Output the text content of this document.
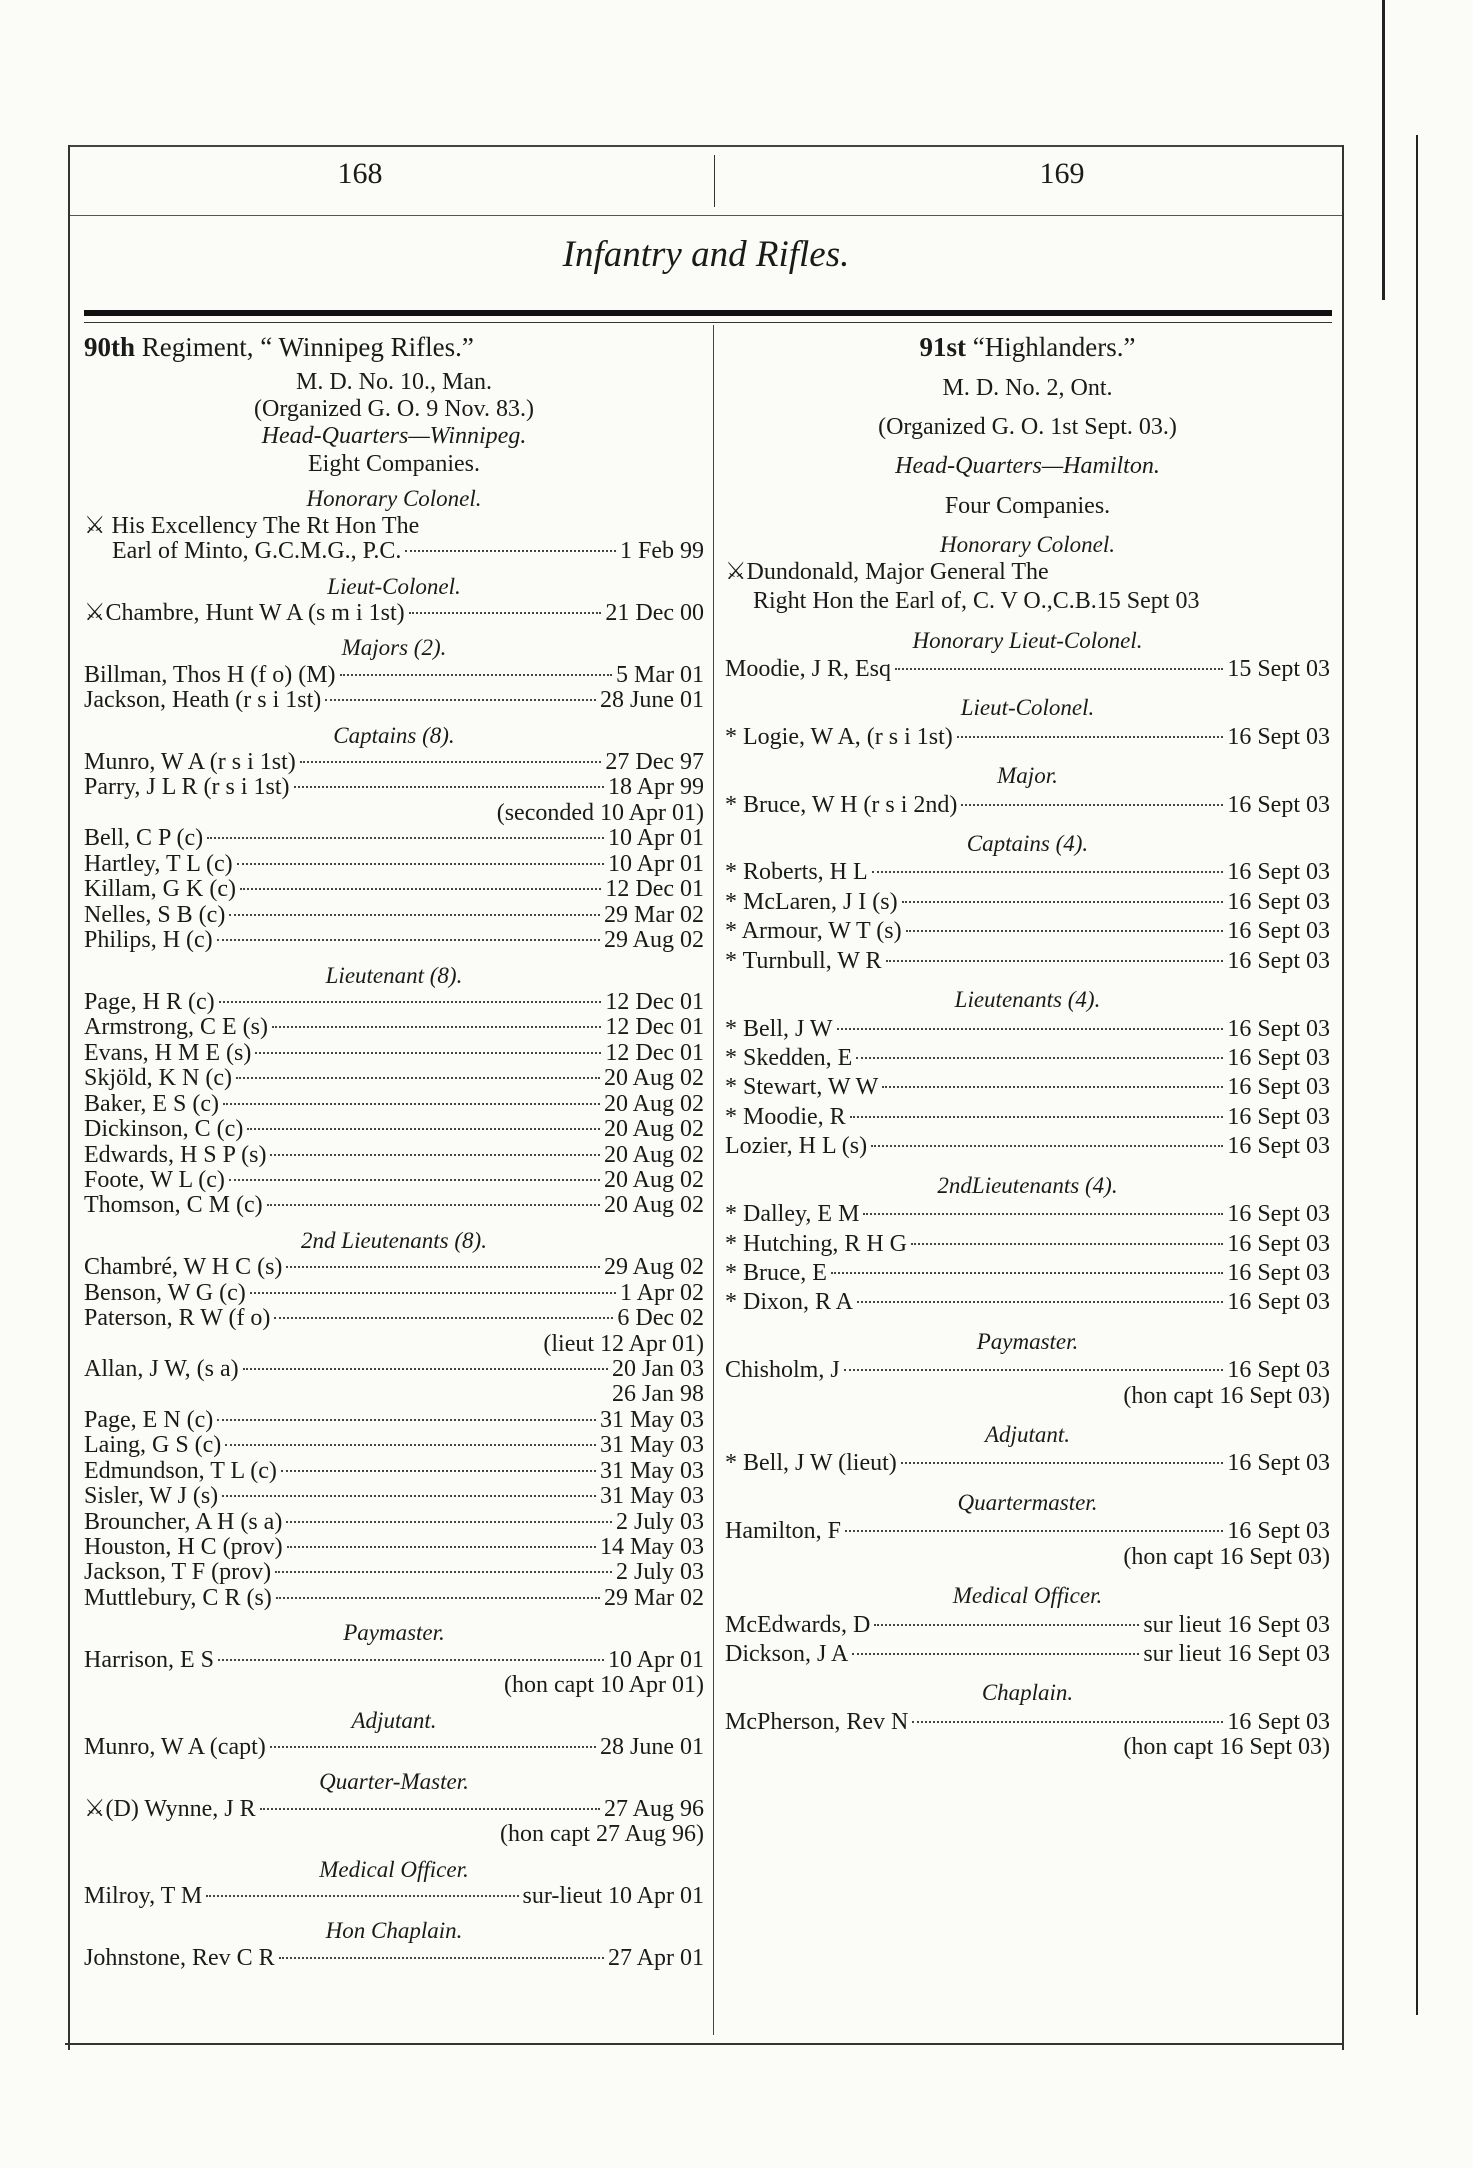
168	169
Infantry and Rifles.
90th Regiment, “ Winnipeg Rifles.”
M. D. No. 10., Man.
(Organized G. O. 9 Nov. 83.)
Head-Quarters—Winnipeg.
Eight Companies.
Honorary Colonel.
⚔ His Excellency The Rt Hon The
Earl of Minto, G.C.M.G., P.C.	1 Feb 99
Lieut-Colonel.
⚔ Chambre, Hunt W A (s m i 1st)	21 Dec 00
Majors (2).
Billman, Thos H (f o) (M)	5 Mar 01
Jackson, Heath (r s i 1st)	28 June 01
Captains (8).
Munro, W A (r s i 1st)	27 Dec 97
Parry, J L R (r s i 1st)	18 Apr 99
(seconded 10 Apr 01)
Bell, C P (c)	10 Apr 01
Hartley, T L (c)	10 Apr 01
Killam, G K (c)	12 Dec 01
Nelles, S B (c)	29 Mar 02
Philips, H (c)	29 Aug 02
Lieutenant (8).
Page, H R (c)	12 Dec 01
Armstrong, C E (s)	12 Dec 01
Evans, H M E (s)	12 Dec 01
Skjöld, K N (c)	20 Aug 02
Baker, E S (c)	20 Aug 02
Dickinson, C (c)	20 Aug 02
Edwards, H S P (s)	20 Aug 02
Foote, W L (c)	20 Aug 02
Thomson, C M (c)	20 Aug 02
2nd Lieutenants (8).
Chambré, W H C (s)	29 Aug 02
Benson, W G (c)	1 Apr 02
Paterson, R W (f o)	6 Dec 02
(lieut 12 Apr 01)
Allan, J W, (s a)	20 Jan 03
26 Jan 98
Page, E N (c)	31 May 03
Laing, G S (c)	31 May 03
Edmundson, T L (c)	31 May 03
Sisler, W J (s)	31 May 03
Brouncher, A H (s a)	2 July 03
Houston, H C (prov)	14 May 03
Jackson, T F (prov)	2 July 03
Muttlebury, C R (s)	29 Mar 02
Paymaster.
Harrison, E S	10 Apr 01
(hon capt 10 Apr 01)
Adjutant.
Munro, W A (capt)	28 June 01
Quarter-Master.
⚔ (D) Wynne, J R	27 Aug 96
(hon capt 27 Aug 96)
Medical Officer.
Milroy, T M	sur-lieut 10 Apr 01
Hon Chaplain.
Johnstone, Rev C R	27 Apr 01
91st “Highlanders.”
M. D. No. 2, Ont.
(Organized G. O. 1st Sept. 03.)
Head-Quarters—Hamilton.
Four Companies.
Honorary Colonel.
⚔Dundonald, Major General The
Right Hon the Earl of, C. V O.,C.B. 15 Sept 03
Honorary Lieut-Colonel.
Moodie, J R, Esq	15 Sept 03
Lieut-Colonel.
* Logie, W A, (r s i 1st)	16 Sept 03
Major.
* Bruce, W H (r s i 2nd)	16 Sept 03
Captains (4).
* Roberts, H L	16 Sept 03
* McLaren, J I (s)	16 Sept 03
* Armour, W T (s)	16 Sept 03
* Turnbull, W R	16 Sept 03
Lieutenants (4).
* Bell, J W	16 Sept 03
* Skedden, E	16 Sept 03
* Stewart, W W	16 Sept 03
* Moodie, R	16 Sept 03
Lozier, H L (s)	16 Sept 03
2ndLieutenants (4).
* Dalley, E M	16 Sept 03
* Hutching, R H G	16 Sept 03
* Bruce, E	16 Sept 03
* Dixon, R A	16 Sept 03
Paymaster.
Chisholm, J	16 Sept 03
(hon capt 16 Sept 03)
Adjutant.
* Bell, J W (lieut)	16 Sept 03
Quartermaster.
Hamilton, F	16 Sept 03
(hon capt 16 Sept 03)
Medical Officer.
McEdwards, D	sur lieut 16 Sept 03
Dickson, J A	sur lieut 16 Sept 03
Chaplain.
McPherson, Rev N	16 Sept 03
(hon capt 16 Sept 03)
